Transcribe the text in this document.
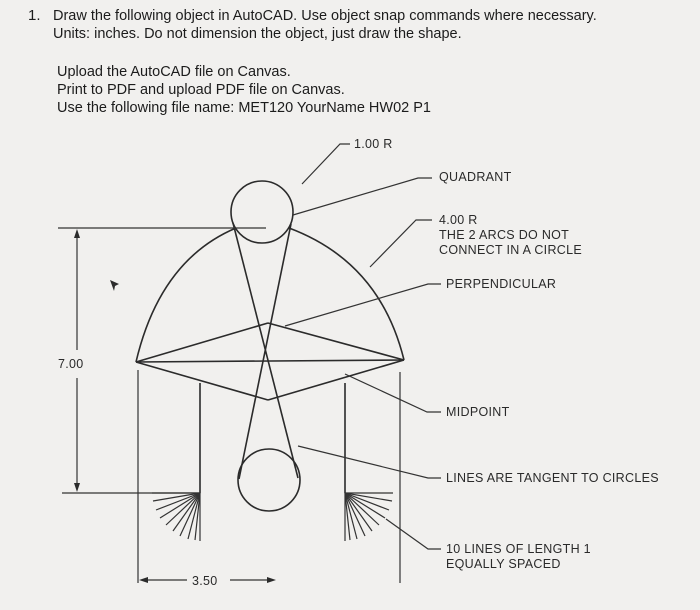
1. Draw the following object in AutoCAD. Use object snap commands where necessary.
Units: inches. Do not dimension the object, just draw the shape.
Upload the AutoCAD file on Canvas.
Print to PDF and upload PDF file on Canvas.
Use the following file name: MET120 YourName HW02 P1
7.00
3.50
1.00 R
QUADRANT
4.00 R
THE 2 ARCS DO NOT
CONNECT IN A CIRCLE
PERPENDICULAR
MIDPOINT
LINES ARE TANGENT TO CIRCLES
10 LINES OF LENGTH 1
EQUALLY SPACED
